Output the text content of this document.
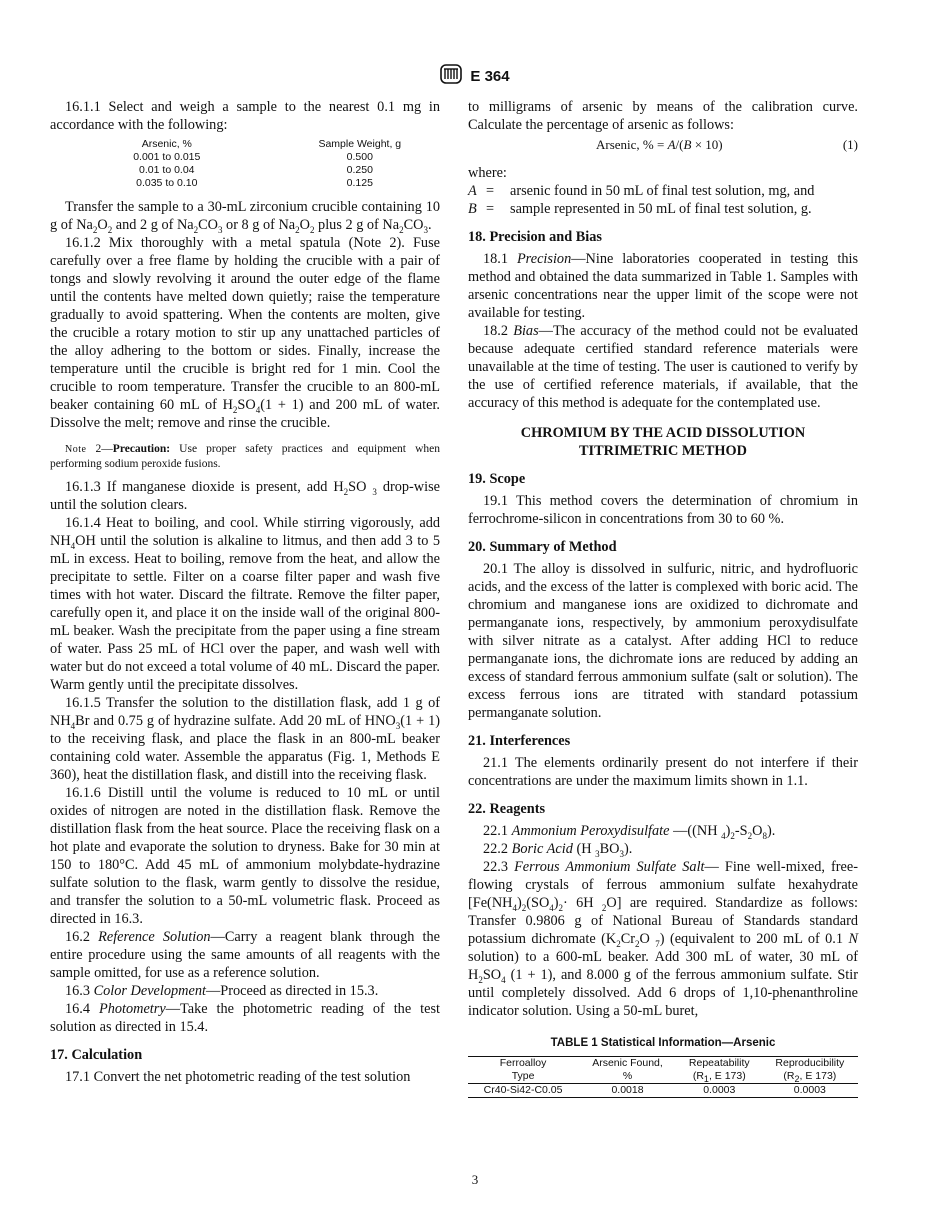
E 364

16.1.1 Select and weigh a sample to the nearest 0.1 mg in accordance with the following:

Arsenic, %	Sample Weight, g
0.001 to 0.015	0.500
0.01 to 0.04	0.250
0.035 to 0.10	0.125

Transfer the sample to a 30-mL zirconium crucible containing 10 g of $Na_2O_2$ and 2 g of $Na_2CO_3$ or 8 g of $Na_2O_2$ plus 2 g of $Na_2CO_3$.

16.1.2 Mix thoroughly with a metal spatula (Note 2). Fuse carefully over a free flame by holding the crucible with a pair of tongs and slowly revolving it around the outer edge of the flame until the contents have melted down quietly; raise the temperature gradually to avoid spattering. When the contents are molten, give the crucible a rotary motion to stir up any unattached particles of the alloy adhering to the bottom or sides. Finally, increase the temperature until the crucible is bright red for 1 min. Cool the crucible to room temperature. Transfer the crucible to an 800-mL beaker containing 60 mL of $H_2SO_4(1 + 1)$ and 200 mL of water. Dissolve the melt; remove and rinse the crucible.

Note 2—Precaution: Use proper safety practices and equipment when performing sodium peroxide fusions.

16.1.3 If manganese dioxide is present, add $H_2SO$ $_3$ drop-wise until the solution clears.

16.1.4 Heat to boiling, and cool. While stirring vigorously, add $NH_4OH$ until the solution is alkaline to litmus, and then add 3 to 5 mL in excess. Heat to boiling, remove from the heat, and allow the precipitate to settle. Filter on a coarse filter paper and wash five times with hot water. Discard the filtrate. Remove the filter paper, carefully open it, and place it on the inside wall of the original 800-mL beaker. Wash the precipitate from the paper using a fine stream of water. Pass 25 mL of HCl over the paper, and wash well with water but do not exceed a total volume of 40 mL. Discard the paper. Warm gently until the precipitate dissolves.

16.1.5 Transfer the solution to the distillation flask, add 1 g of $NH_4Br$ and 0.75 g of hydrazine sulfate. Add 20 mL of $HNO_3(1 + 1)$ to the receiving flask, and place the flask in an 800-mL beaker containing cold water. Assemble the apparatus (Fig. 1, Methods E 360), heat the distillation flask, and distill into the receiving flask.

16.1.6 Distill until the volume is reduced to 10 mL or until oxides of nitrogen are noted in the distillation flask. Remove the distillation flask from the heat source. Place the receiving flask on a hot plate and evaporate the solution to dryness. Bake for 30 min at 150 to 180°C. Add 45 mL of ammonium molybdate-hydrazine sulfate solution to the flask, warm gently to dissolve the residue, and transfer the solution to a 50-mL volumetric flask. Proceed as directed in 16.3.

16.2 Reference Solution—Carry a reagent blank through the entire procedure using the same amounts of all reagents with the sample omitted, for use as a reference solution.

16.3 Color Development—Proceed as directed in 15.3.

16.4 Photometry—Take the photometric reading of the test solution as directed in 15.4.

17. Calculation

17.1 Convert the net photometric reading of the test solution

to milligrams of arsenic by means of the calibration curve. Calculate the percentage of arsenic as follows:

Arsenic, % = A/(B × 10)	(1)

where:

A =	arsenic found in 50 mL of final test solution, mg, and
B =	sample represented in 50 mL of final test solution, g.
18. Precision and Bias

18.1 Precision—Nine laboratories cooperated in testing this method and obtained the data summarized in Table 1. Samples with arsenic concentrations near the upper limit of the scope were not available for testing.

18.2 Bias—The accuracy of the method could not be evaluated because adequate certified standard reference materials were unavailable at the time of testing. The user is cautioned to verify by the use of certified reference materials, if available, that the accuracy of this method is adequate for the contemplated use.

CHROMIUM BY THE ACID DISSOLUTION
TITRIMETRIC METHOD
19. Scope

19.1 This method covers the determination of chromium in ferrochrome-silicon in concentrations from 30 to 60 %.

20. Summary of Method

20.1 The alloy is dissolved in sulfuric, nitric, and hydrofluoric acids, and the excess of the latter is complexed with boric acid. The chromium and manganese ions are oxidized to dichromate and permanganate ions, respectively, by ammonium peroxydisulfate with silver nitrate as a catalyst. After adding HCl to reduce permanganate ions, the dichromate ions are reduced by adding an excess of standard ferrous ammonium sulfate (salt or solution). The excess ferrous ions are titrated with standard potassium permanganate solution.

21. Interferences

21.1 The elements ordinarily present do not interfere if their concentrations are under the maximum limits shown in 1.1.

22. Reagents

22.1 Ammonium Peroxydisulfate —((NH $_4)_2-S_2O_8$).

22.2 Boric Acid (H $_3BO_3$).

22.3 Ferrous Ammonium Sulfate Salt— Fine well-mixed, free-flowing crystals of ferrous ammonium sulfate hexahydrate [$Fe(NH_4)_2(SO_4)_2\cdot 6H$ $_2$O] are required. Standardize as follows: Transfer 0.9806 g of National Bureau of Standards standard potassium dichromate ($K_2Cr_2O$ $_7$) (equivalent to 200 mL of 0.1 N solution) to a 600-mL beaker. Add 300 mL of water, 30 mL of $H_2SO_4$ (1 + 1), and 8.000 g of the ferrous ammonium sulfate. Stir until completely dissolved. Add 6 drops of 1,10-phenanthroline indicator solution. Using a 50-mL buret,

TABLE 1 Statistical Information—Arsenic
Ferroalloy	Arsenic Found,	Repeatability	Reproducibility
Type	%	($R_1$, E 173)	($R_2$, E 173)
Cr40-Si42-C0.05	0.0018	0.0003	0.0003
3
